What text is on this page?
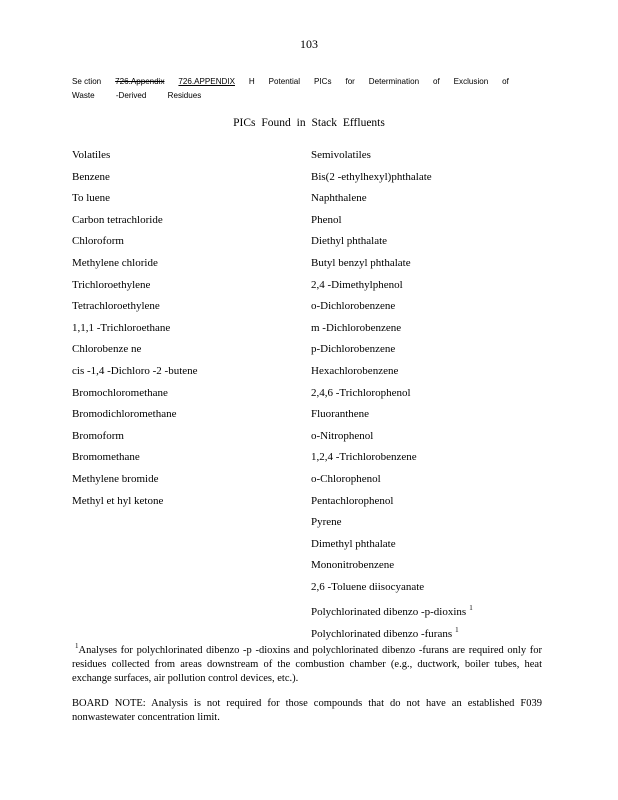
103
Se ction 726.Appendix 726.APPENDIX H Potential PICs for Determination of Exclusion of
Waste	-Derived	Residues
PICs Found in Stack Effluents
Volatiles
Benzene
To luene
Carbon tetrachloride
Chloroform
Methylene chloride
Trichloroethylene
Tetrachloroethylene
1,1,1 -Trichloroethane
Chlorobenze ne
cis -1,4 -Dichloro -2 -butene
Bromochloromethane
Bromodichloromethane
Bromoform
Bromomethane
Methylene bromide
Methyl et hyl ketone
Semivolatiles
Bis(2 -ethylhexyl)phthalate
Naphthalene
Phenol
Diethyl phthalate
Butyl benzyl phthalate
2,4 -Dimethylphenol
o-Dichlorobenzene
m -Dichlorobenzene
p-Dichlorobenzene
Hexachlorobenzene
2,4,6 -Trichlorophenol
Fluoranthene
o-Nitrophenol
1,2,4 -Trichlorobenzene
o-Chlorophenol
Pentachlorophenol
Pyrene
Dimethyl phthalate
Mononitrobenzene
2,6 -Toluene diisocyanate
Polychlorinated dibenzo -p-dioxins $^1$
Polychlorinated dibenzo -furans $^1$
$^1$Analyses for polychlorinated dibenzo -p -dioxins and polychlorinated dibenzo -furans are required only for residues collected from areas downstream of the combustion chamber (e.g., ductwork, boiler tubes, heat exchange surfaces, air pollution control devices, etc.).
BOARD NOTE: Analysis is not required for those compounds that do not have an established F039 nonwastewater concentration limit.
